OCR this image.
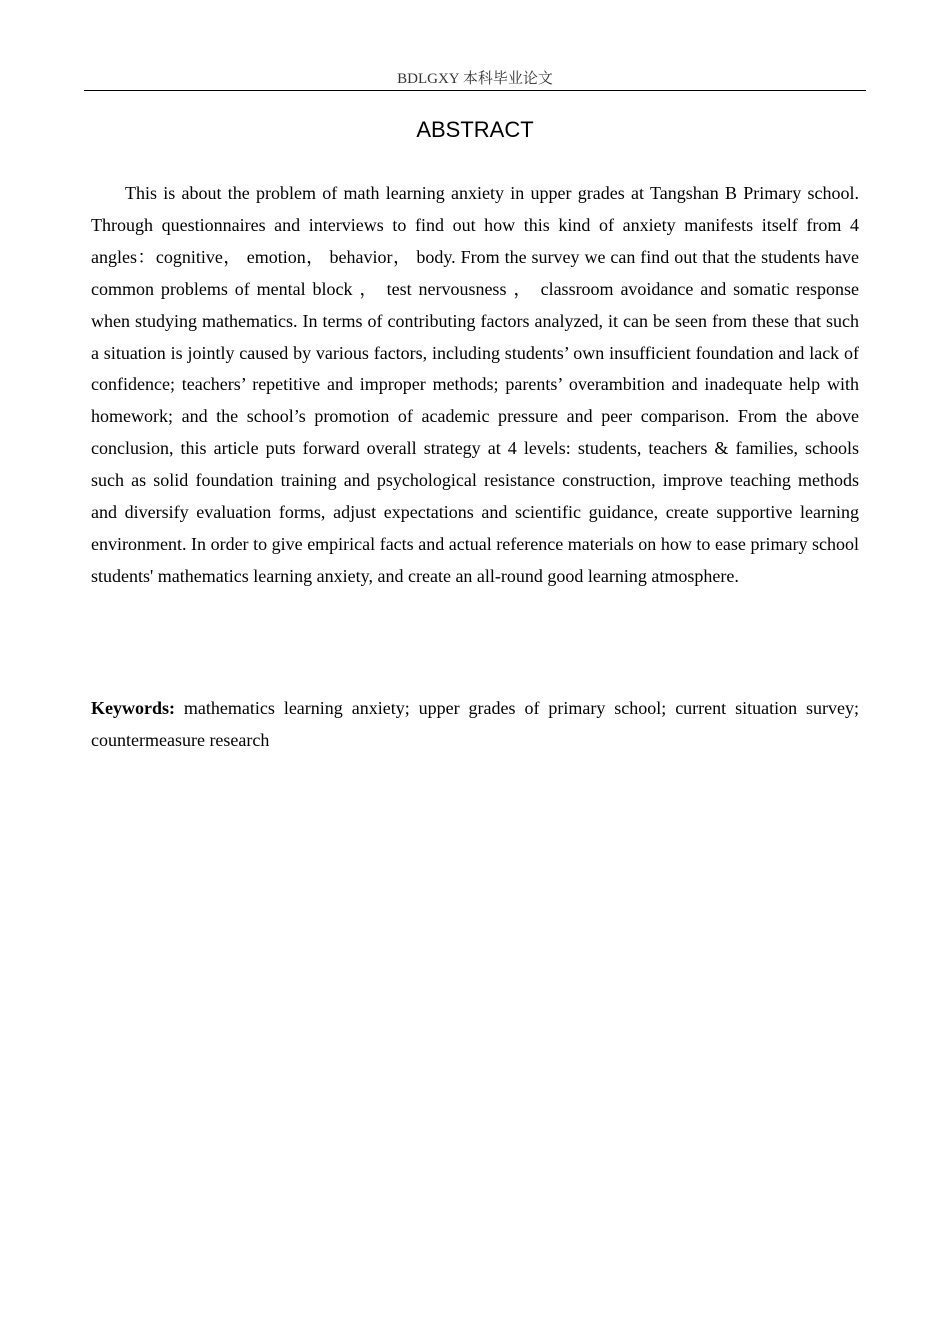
BDLGXY 本科毕业论文
ABSTRACT

This is about the problem of math learning anxiety in upper grades at Tangshan B Primary school. Through questionnaires and interviews to find out how this kind of anxiety manifests itself from 4 angles：cognitive， emotion， behavior， body. From the survey we can find out that the students have common problems of mental block ， test nervousness ， classroom avoidance and somatic response when studying mathematics. In terms of contributing factors analyzed, it can be seen from these that such a situation is jointly caused by various factors, including students’ own insufficient foundation and lack of confidence; teachers’ repetitive and improper methods; parents’ overambition and inadequate help with homework; and the school’s promotion of academic pressure and peer comparison. From the above conclusion, this article puts forward overall strategy at 4 levels: students, teachers & families, schools such as solid foundation training and psychological resistance construction, improve teaching methods and diversify evaluation forms, adjust expectations and scientific guidance, create supportive learning environment. In order to give empirical facts and actual reference materials on how to ease primary school students' mathematics learning anxiety, and create an all-round good learning atmosphere.

Keywords: mathematics learning anxiety; upper grades of primary school; current situation survey; countermeasure research
